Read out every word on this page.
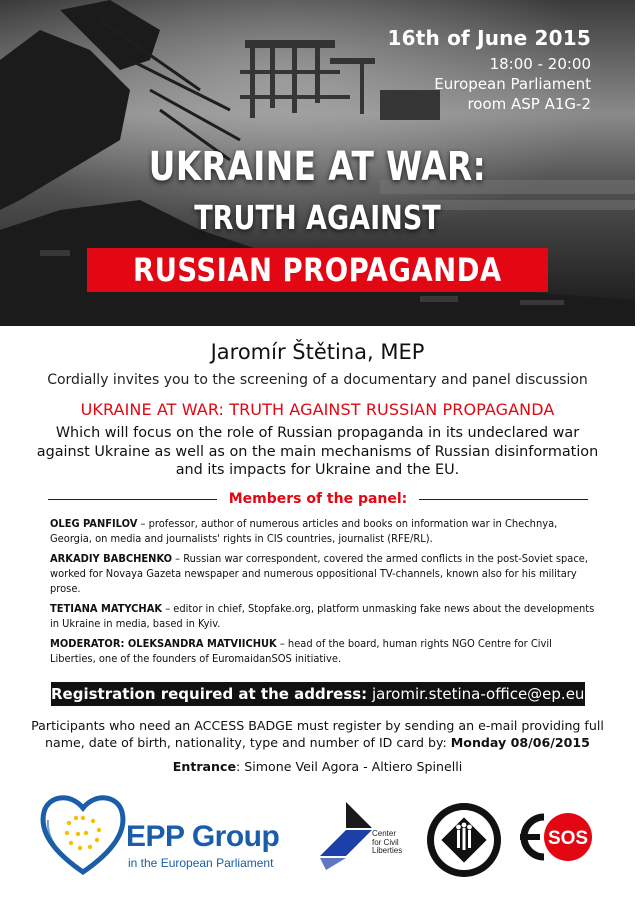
16th of June 2015
18:00 - 20:00
European Parliament
room ASP A1G-2
UKRAINE AT WAR:
TRUTH AGAINST
RUSSIAN PROPAGANDA
Jaromír Štětina, MEP
Cordially invites you to the screening of a documentary and panel discussion
UKRAINE AT WAR: TRUTH AGAINST RUSSIAN PROPAGANDA
Which will focus on the role of Russian propaganda in its undeclared war against Ukraine as well as on the main mechanisms of Russian disinformation and its impacts for Ukraine and the EU.
Members of the panel:
OLEG PANFILOV – professor, author of numerous articles and books on information war in Chechnya, Georgia, on media and journalists' rights in CIS countries, journalist (RFE/RL).
ARKADIY BABCHENKO – Russian war correspondent, covered the armed conflicts in the post-Soviet space, worked for Novaya Gazeta newspaper and numerous oppositional TV-channels, known also for his military prose.
TETIANA MATYCHAK – editor in chief, Stopfake.org, platform unmasking fake news about the developments in Ukraine in media, based in Kyiv.
MODERATOR: OLEKSANDRA MATVIICHUK – head of the board, human rights NGO Centre for Civil Liberties, one of the founders of EuromaidanSOS initiative.
Registration required at the address: jaromir.stetina-office@ep.europa.eu
Participants who need an ACCESS BADGE must register by sending an e-mail providing full name, date of birth, nationality, type and number of ID card by: Monday 08/06/2015
Entrance: Simone Veil Agora - Altiero Spinelli
EPP Group
in the European Parliament
Center
for Civil
Liberties
SOS
